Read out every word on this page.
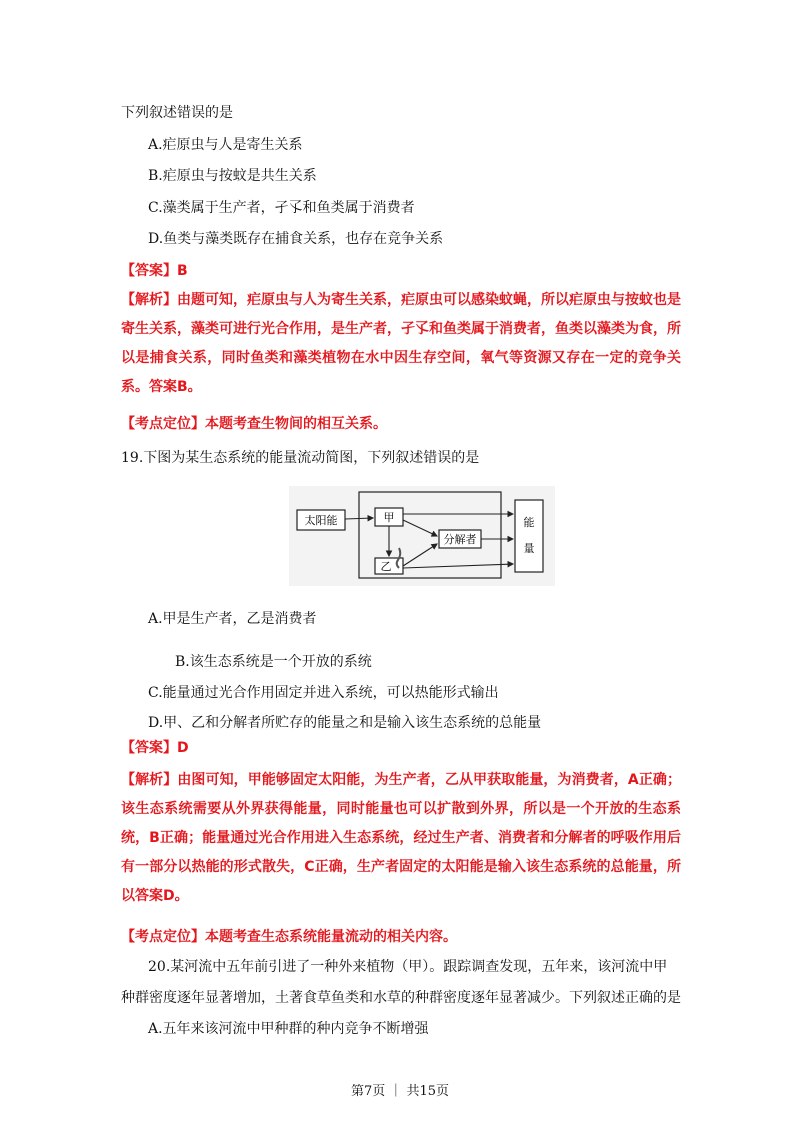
下列叙述错误的是
A.疟原虫与人是寄生关系
B.疟原虫与按蚊是共生关系
C.藻类属于生产者，孑孓和鱼类属于消费者
D.鱼类与藻类既存在捕食关系，也存在竞争关系
【答案】B
【解析】由题可知，疟原虫与人为寄生关系，疟原虫可以感染蚊蝇，所以疟原虫与按蚊也是寄生关系，藻类可进行光合作用，是生产者，孑孓和鱼类属于消费者，鱼类以藻类为食，所以是捕食关系，同时鱼类和藻类植物在水中因生存空间，氧气等资源又存在一定的竞争关系。答案B。
【考点定位】本题考查生物间的相互关系。
19.下图为某生态系统的能量流动简图，下列叙述错误的是
太阳能	甲
乙
分解者
能
量
A.甲是生产者，乙是消费者
B.该生态系统是一个开放的系统
C.能量通过光合作用固定并进入系统，可以热能形式输出
D.甲、乙和分解者所贮存的能量之和是输入该生态系统的总能量
【答案】D
【解析】由图可知，甲能够固定太阳能，为生产者，乙从甲获取能量，为消费者，A正确；该生态系统需要从外界获得能量，同时能量也可以扩散到外界，所以是一个开放的生态系统，B正确；能量通过光合作用进入生态系统，经过生产者、消费者和分解者的呼吸作用后有一部分以热能的形式散失，C正确，生产者固定的太阳能是输入该生态系统的总能量，所以答案D。
【考点定位】本题考查生态系统能量流动的相关内容。
20.某河流中五年前引进了一种外来植物（甲）。跟踪调查发现，五年来，该河流中甲
种群密度逐年显著增加，土著食草鱼类和水草的种群密度逐年显著减少。下列叙述正确的是
A.五年来该河流中甲种群的种内竞争不断增强
第7页 ｜ 共15页
